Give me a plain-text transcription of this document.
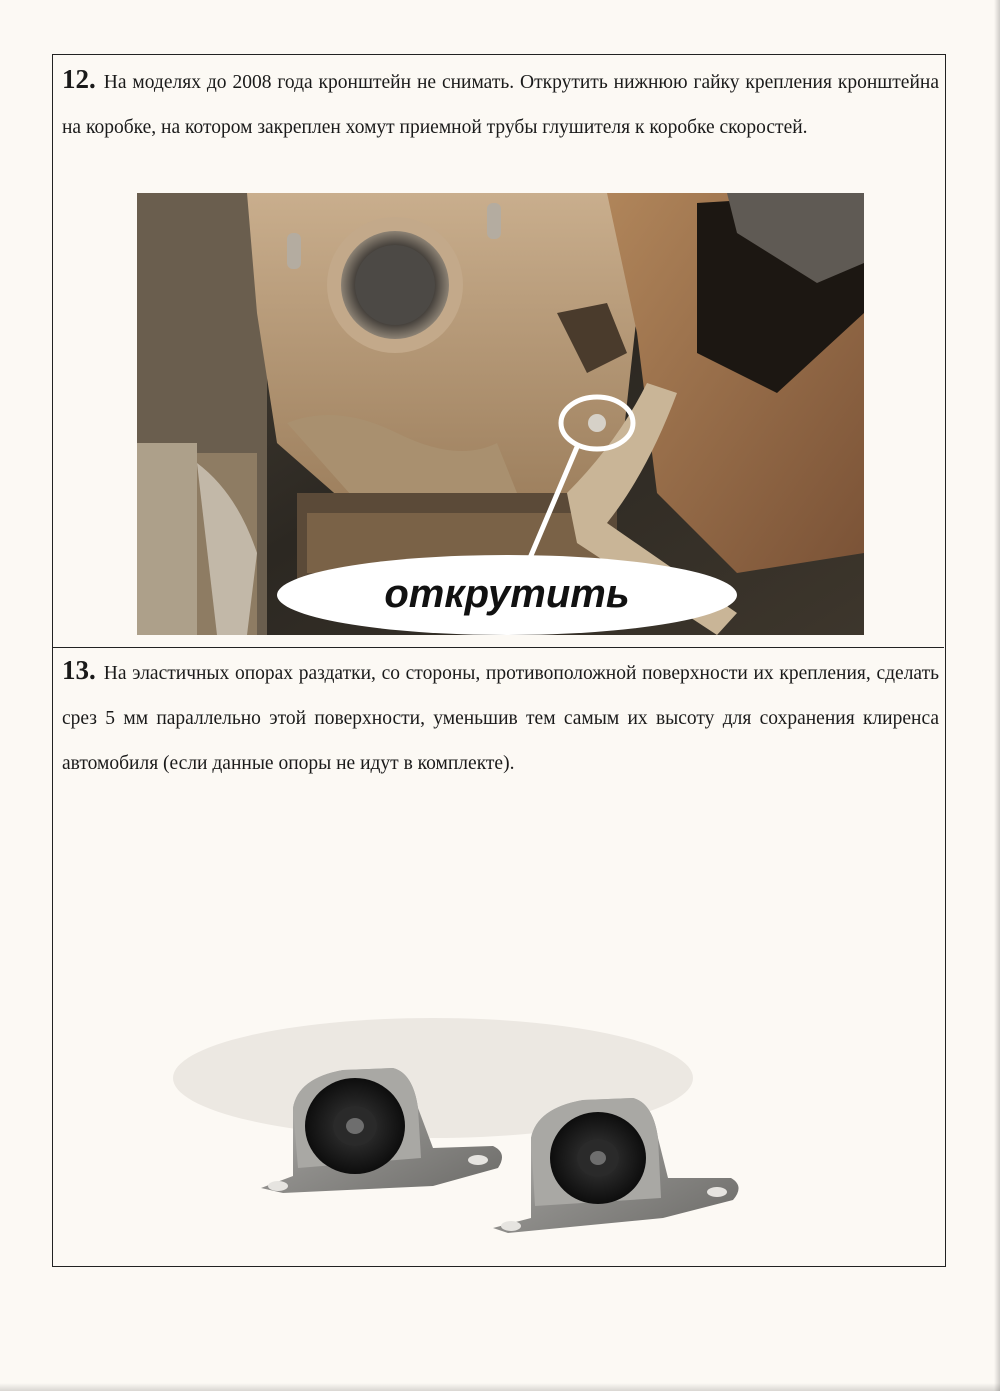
12. На моделях до 2008 года кронштейн не снимать. Открутить нижнюю гайку крепления кронштейна на коробке, на котором закреплен хомут приемной трубы глушителя к коробке скоростей.
открутить
13. На эластичных опорах раздатки, со стороны, противоположной поверхности их крепления, сделать срез 5 мм параллельно этой поверхности, уменьшив тем самым их высоту для сохранения клиренса автомобиля (если данные опоры не идут в комплекте).
